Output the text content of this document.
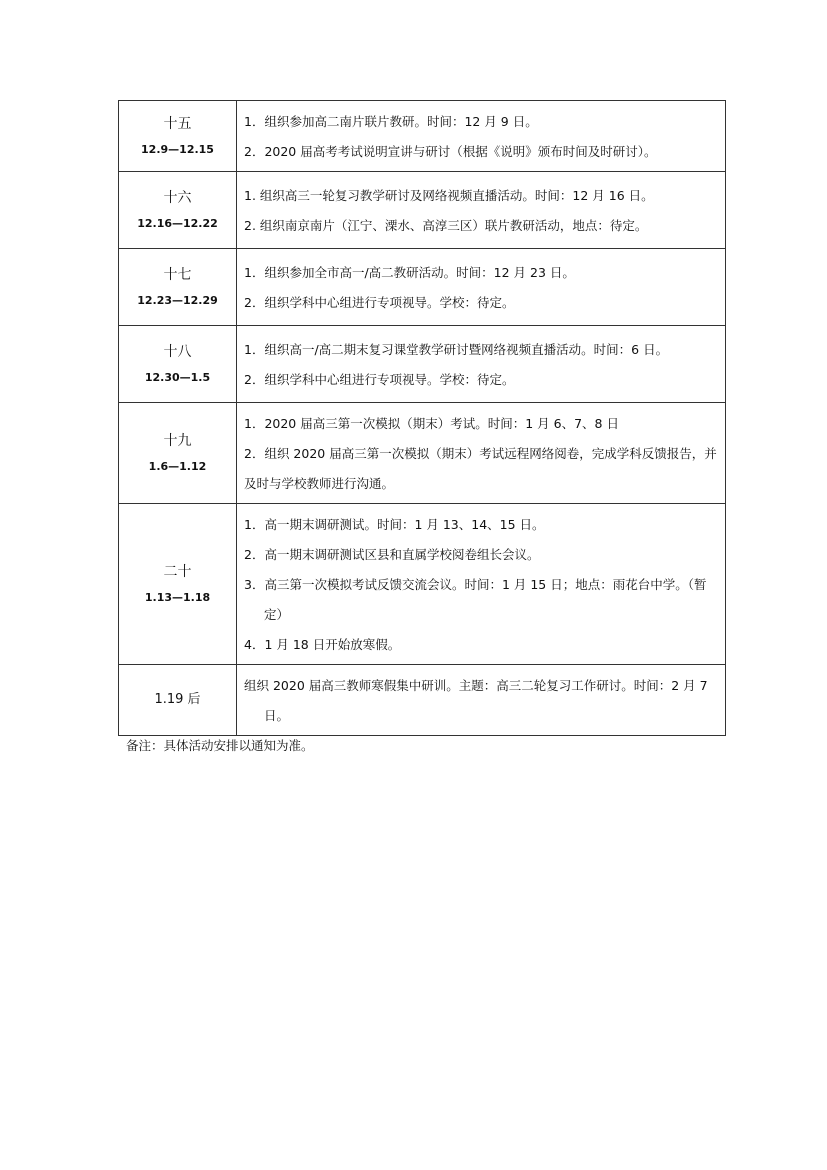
十五
12.9—12.15	1．组织参加高二南片联片教研。时间：12 月 9 日。
2．2020 届高考考试说明宣讲与研讨（根据《说明》颁布时间及时研讨）。

十六
12.16—12.22	1. 组织高三一轮复习教学研讨及网络视频直播活动。时间：12 月 16 日。
2. 组织南京南片（江宁、溧水、高淳三区）联片教研活动，地点：待定。

十七
12.23—12.29	1．组织参加全市高一/高二教研活动。时间：12 月 23 日。
2．组织学科中心组进行专项视导。学校：待定。

十八
12.30—1.5	1．组织高一/高二期末复习课堂教学研讨暨网络视频直播活动。时间：6 日。
2．组织学科中心组进行专项视导。学校：待定。

十九
1.6—1.12	1．2020 届高三第一次模拟（期末）考试。时间：1 月 6、7、8 日
2．组织 2020 届高三第一次模拟（期末）考试远程网络阅卷，完成学科反馈报告，并及时与学校教师进行沟通。

二十
1.13—1.18	1．高一期末调研测试。时间：1 月 13、14、15 日。
2．高一期末调研测试区县和直属学校阅卷组长会议。
3．高三第一次模拟考试反馈交流会议。时间：1 月 15 日；地点：雨花台中学。（暂定）
4．1 月 18 日开始放寒假。

1.19 后	组织 2020 届高三教师寒假集中研训。主题：高三二轮复习工作研讨。时间：2 月 7 日。
备注：具体活动安排以通知为准。
